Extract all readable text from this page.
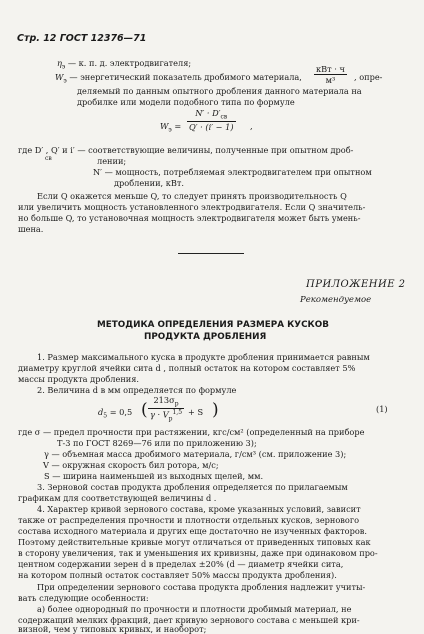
Стр. 12 ГОСТ 12376—71
$\eta_э$ — к. п. д. электродвигателя;
$W_э$ — энергетический показатель дробимого материала,
кВт · ч
м³	, опре-
деляемый по данным опытного дробления данного материала на
дробилке или модели подобного типа по формуле
$W_э$ =
$N' \cdot D'_{св}$
Q′ · (i′ − 1) ,
где D′ , Q′ и i′ — соответствующие величины, полученные при опытном дроб-
св	лении;
N′ — мощность, потребляемая электродвигателем при опытном
дроблении, кВт.
Если Q окажется меньше Q, то следует принять производительность Q
или увеличить мощность установленного электродвигателя. Если Q значитель-
но больше Q, то установочная мощность электродвигателя может быть умень-
шена.
ПРИЛОЖЕНИЕ 2
Рекомендуемое
МЕТОДИКА ОПРЕДЕЛЕНИЯ РАЗМЕРА КУСКОВ
ПРОДУКТА ДРОБЛЕНИЯ
1. Размер максимального куска в продукте дробления принимается равным
диаметру круглой ячейки сита d , полный остаток на котором составляет 5%
массы продукта дробления.
2. Величина d в мм определяется по формуле
$d_5 = 0,5$ ( $213\sigma_р$
$\gamma \cdot V_р^{1,5} + S$ )	(1)
где σ — предел прочности при растяжении, кгс/см² (определенный на приборе
Т-3 по ГОСТ 8269—76 или по приложению 3);
γ — объемная масса дробимого материала, г/см³ (см. приложение 3);
V — окружная скорость бил ротора, м/с;
S — ширина наименьшей из выходных щелей, мм.
3. Зерновой состав продукта дробления определяется по прилагаемым
графикам для соответствующей величины d .
4. Характер кривой зернового состава, кроме указанных условий, зависит
также от распределения прочности и плотности отдельных кусков, зернового
состава исходного материала и других еще достаточно не изученных факторов.
Поэтому действительные кривые могут отличаться от приведенных типовых как
в сторону увеличения, так и уменьшения их кривизны, даже при одинаковом про-
центном содержании зерен d в пределах ±20% (d — диаметр ячейки сита,
на котором полный остаток составляет 50% массы продукта дробления).
При определении зернового состава продукта дробления надлежит учиты-
вать следующие особенности:
а) более однородный по прочности и плотности дробимый материал, не
содержащий мелких фракций, дает кривую зернового состава с меньшей кри-
визной, чем у типовых кривых, и наоборот;
